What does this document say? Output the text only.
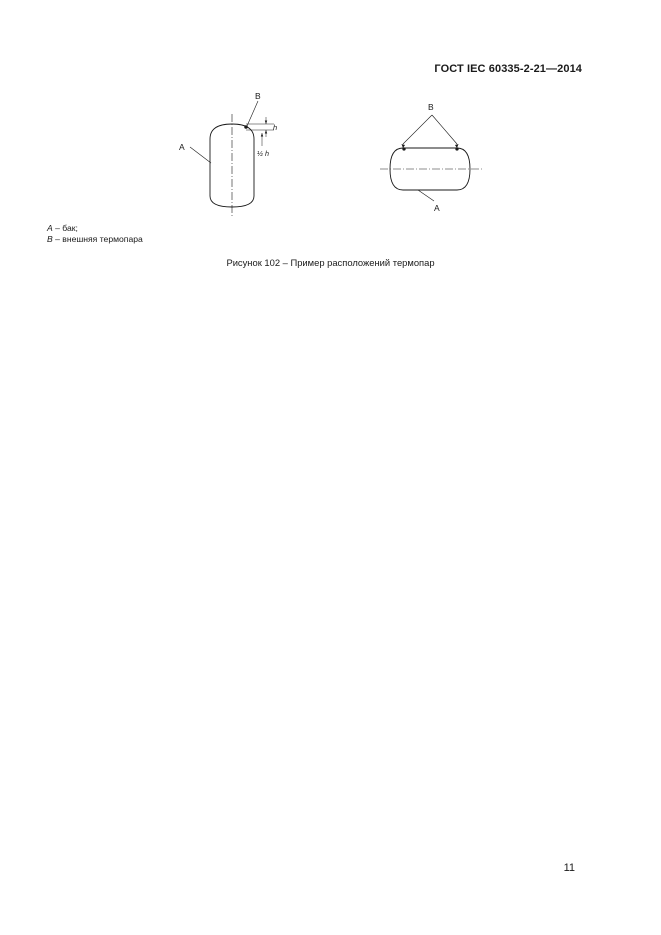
ГОСТ IEC 60335-2-21—2014
A
B
h
½ h
B
A
A – бак;
B – внешняя термопара
Рисунок 102 – Пример расположений термопар
11
